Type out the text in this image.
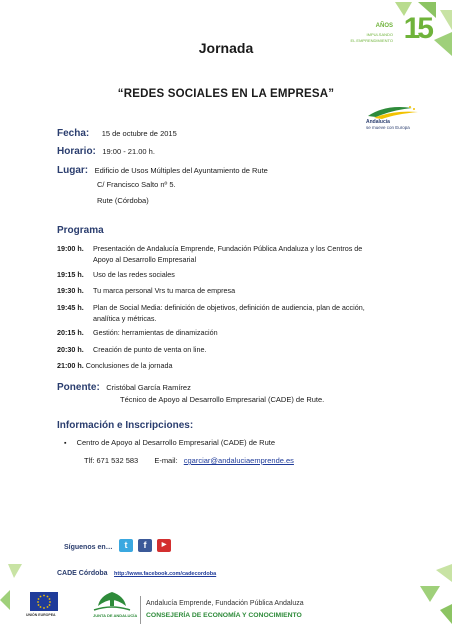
AÑOS
IMPULSANDO
EL EMPRENDIMIENTO 15
Jornada
“REDES SOCIALES EN LA EMPRESA”
Andalucía
se mueve con Europa
Fecha: 15 de octubre de 2015
Horario: 19:00 - 21.00 h.
Lugar: Edificio de Usos Múltiples del Ayuntamiento de Rute
C/ Francisco Salto nº 5.
Rute (Córdoba)
Programa
19:00 h.	Presentación de Andalucía Emprende, Fundación Pública Andaluza y los Centros de
Apoyo al Desarrollo Empresarial
19:15 h.	Uso de las redes sociales
19:30 h.	Tu marca personal Vrs tu marca de empresa
19:45 h.	Plan de Social Media: definición de objetivos, definición de audiencia, plan de acción,
analítica y métricas.
20:15 h.	Gestión: herramientas de dinamización
20:30 h.	Creación de punto de venta on line.
21:00 h. Conclusiones de la jornada
Ponente: Cristóbal García Ramírez
Técnico de Apoyo al Desarrollo Empresarial (CADE) de Rute.
Información e Inscripciones:
▪ Centro de Apoyo al Desarrollo Empresarial (CADE) de Rute
Tlf: 671 532 583 E-mail: cgarciar@andaluciaemprende.es
Síguenos en…	t	f	▶
CADE Córdoba http://www.facebook.com/cadecordoba
UNIÓN EUROPEA	JUNTA DE ANDALUCÍA
Andalucía Emprende, Fundación Pública Andaluza
CONSEJERÍA DE ECONOMÍA Y CONOCIMIENTO
